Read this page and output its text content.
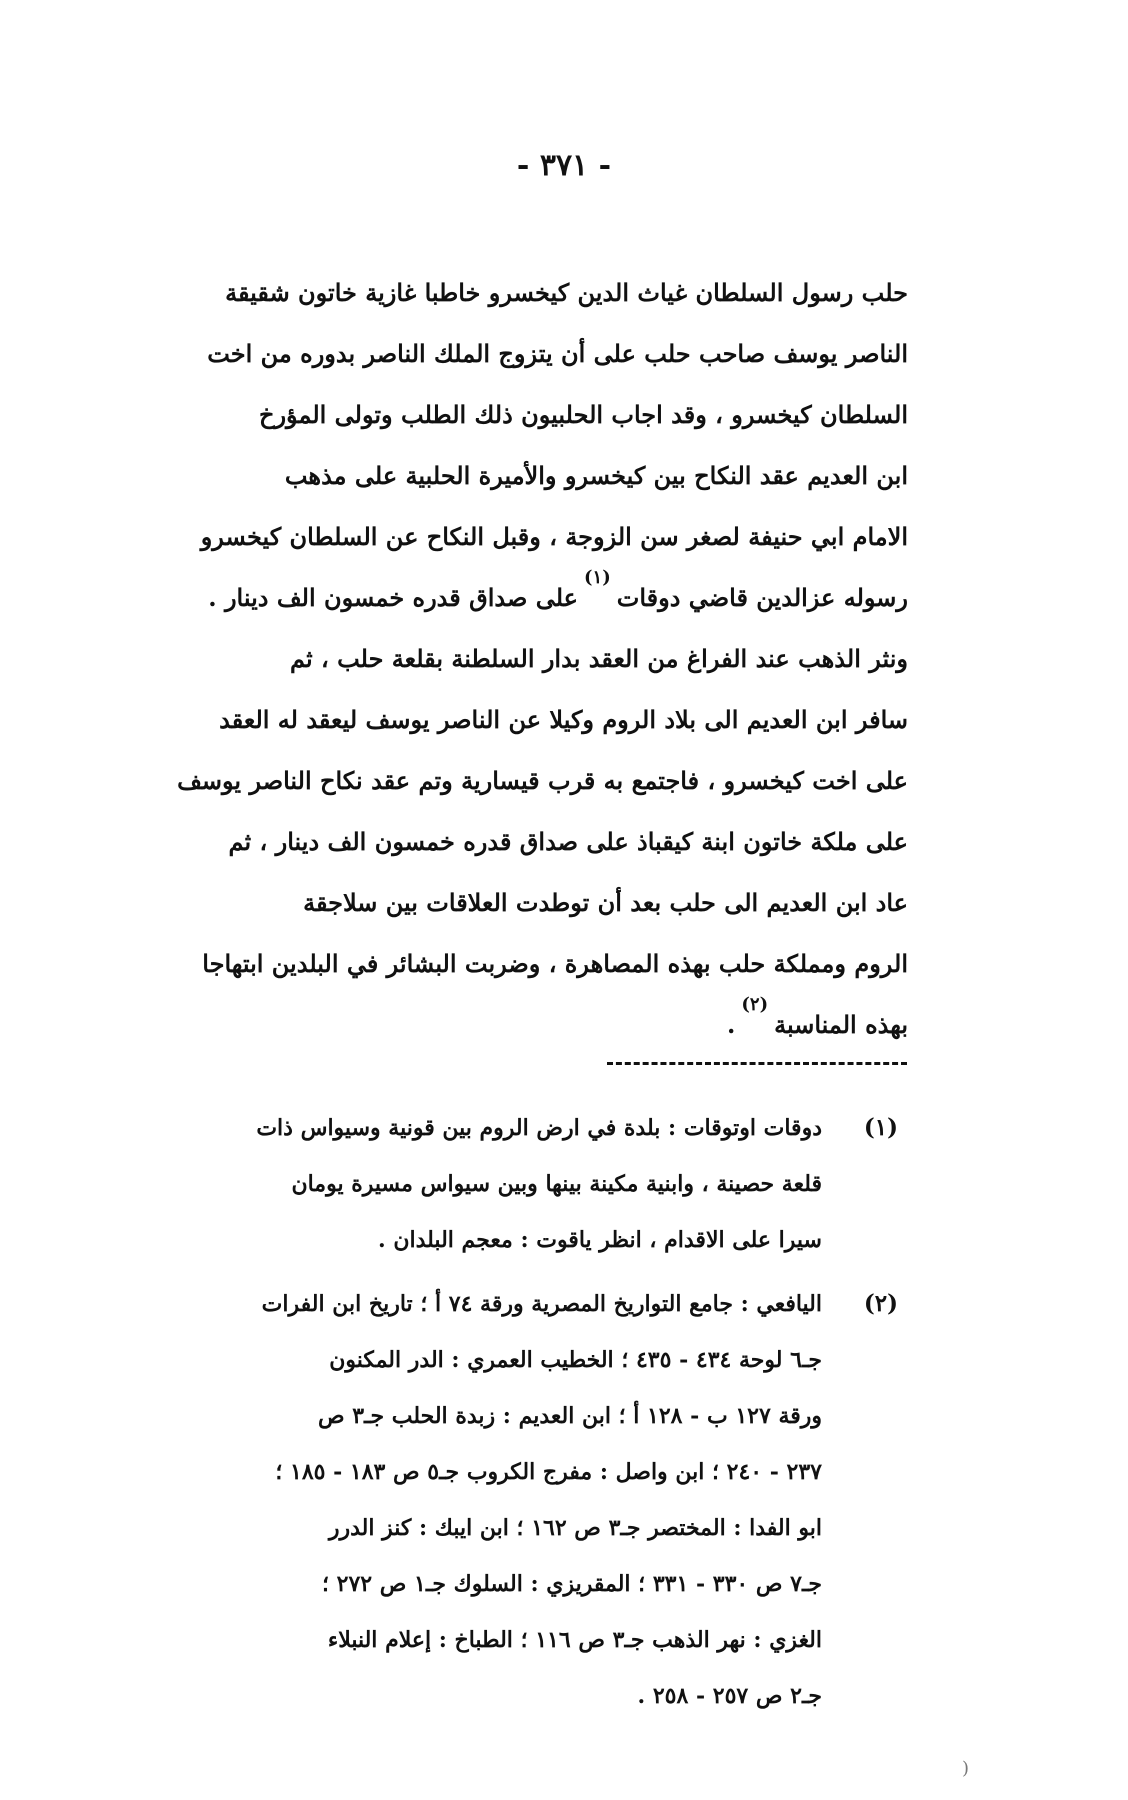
- ٣٧١ -
حلب رسول السلطان غياث الدين كيخسرو خاطبا غازية خاتون شقيقة
الناصر يوسف صاحب حلب على أن يتزوج الملك الناصر بدوره من اخت
السلطان كيخسرو ، وقد اجاب الحلبيون ذلك الطلب وتولى المؤرخ
ابن العديم عقد النكاح بين كيخسرو والأميرة الحلبية على مذهب
الامام ابي حنيفة لصغر سن الزوجة ، وقبل النكاح عن السلطان كيخسرو
رسوله عزالدين قاضي دوقات
(١)
على صداق قدره خمسون الف دينار .
ونثر الذهب عند الفراغ من العقد بدار السلطنة بقلعة حلب ، ثم
سافر ابن العديم الى بلاد الروم وكيلا عن الناصر يوسف ليعقد له العقد
على اخت كيخسرو ، فاجتمع به قرب قيسارية وتم عقد نكاح الناصر يوسف
على ملكة خاتون ابنة كيقباذ على صداق قدره خمسون الف دينار ، ثم
عاد ابن العديم الى حلب بعد أن توطدت العلاقات بين سلاجقة
الروم ومملكة حلب بهذه المصاهرة ، وضربت البشائر في البلدين ابتهاجا
بهذه المناسبة
(٢)
.
(١)
دوقات اوتوقات : بلدة في ارض الروم بين قونية وسيواس ذات
قلعة حصينة ، وابنية مكينة بينها وبين سيواس مسيرة يومان
سيرا على الاقدام ، انظر ياقوت : معجم البلدان .
(٢)
اليافعي : جامع التواريخ المصرية ورقة ٧٤ أ ؛ تاريخ ابن الفرات
جـ٦ لوحة ٤٣٤ - ٤٣٥ ؛ الخطيب العمري : الدر المكنون
ورقة ١٢٧ ب - ١٢٨ أ ؛ ابن العديم : زبدة الحلب جـ٣ ص
٢٣٧ - ٢٤٠ ؛ ابن واصل : مفرج الكروب جـ٥ ص ١٨٣ - ١٨٥ ؛
ابو الفدا : المختصر جـ٣ ص ١٦٢ ؛ ابن ايبك : كنز الدرر
جـ٧ ص ٣٣٠ - ٣٣١ ؛ المقريزي : السلوك جـ١ ص ٢٧٢ ؛
الغزي : نهر الذهب جـ٣ ص ١١٦ ؛ الطباخ : إعلام النبلاء
جـ٢ ص ٢٥٧ - ٢٥٨ .
)
